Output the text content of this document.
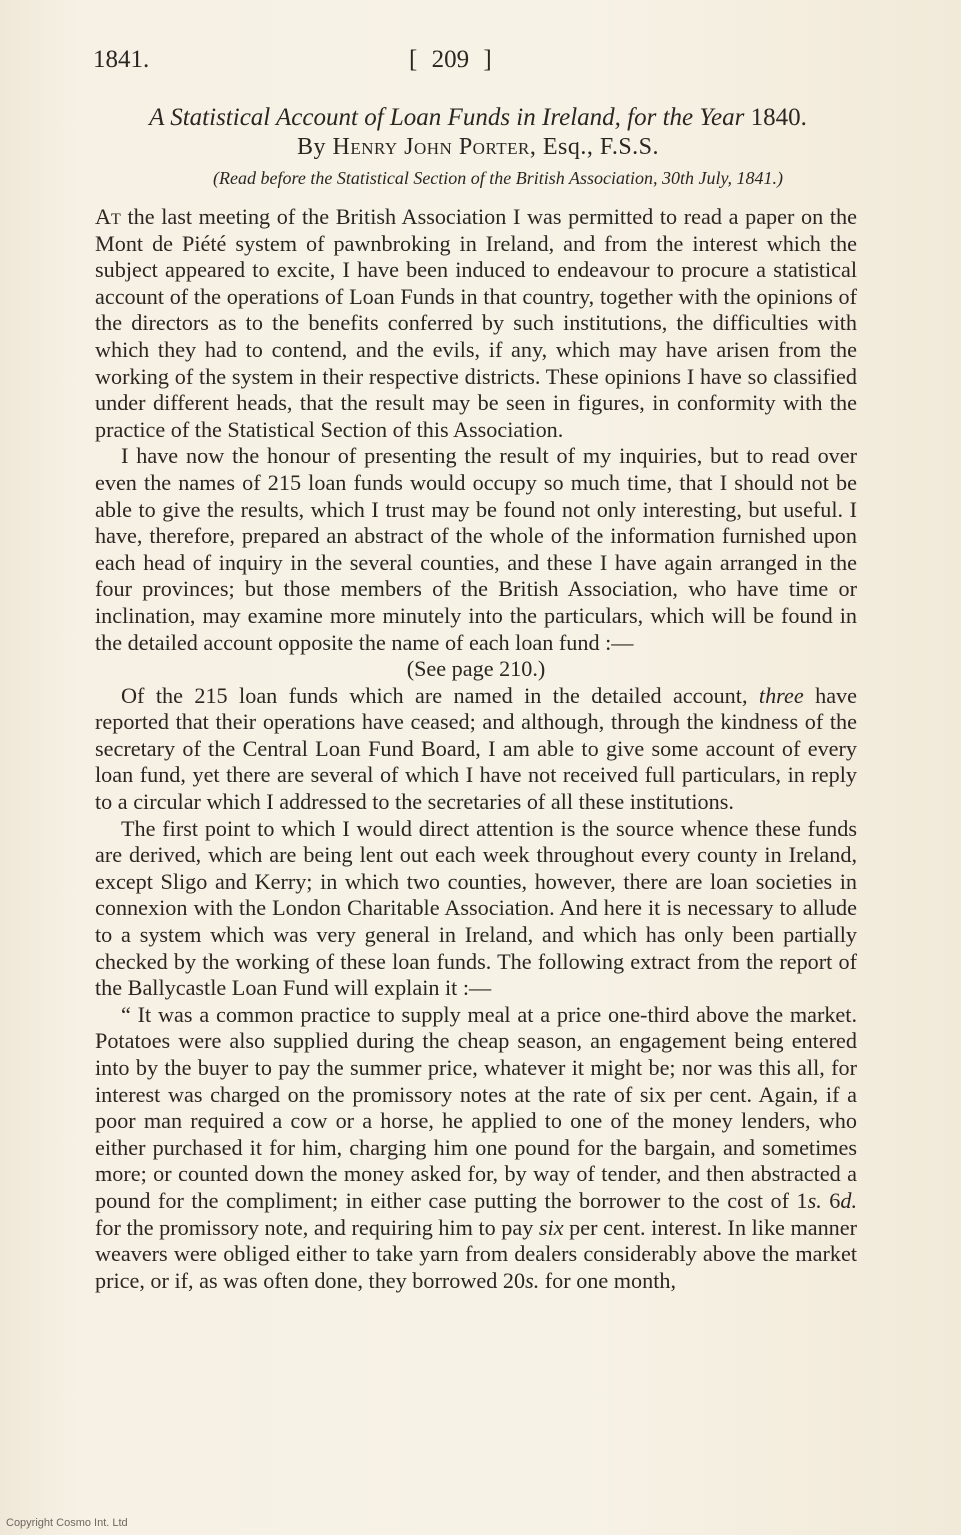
1841.	[ 209 ]
A Statistical Account of Loan Funds in Ireland, for the Year 1840.
By Henry John Porter, Esq., F.S.S.
(Read before the Statistical Section of the British Association, 30th July, 1841.)

At the last meeting of the British Association I was permitted to read a paper on the Mont de Piété system of pawnbroking in Ireland, and from the interest which the subject appeared to excite, I have been induced to endeavour to procure a statistical account of the operations of Loan Funds in that country, together with the opinions of the directors as to the benefits conferred by such institutions, the difficulties with which they had to contend, and the evils, if any, which may have arisen from the working of the system in their respective districts. These opinions I have so classified under different heads, that the result may be seen in figures, in conformity with the practice of the Statistical Section of this Association.

I have now the honour of presenting the result of my inquiries, but to read over even the names of 215 loan funds would occupy so much time, that I should not be able to give the results, which I trust may be found not only interesting, but useful. I have, therefore, prepared an abstract of the whole of the information furnished upon each head of inquiry in the several counties, and these I have again arranged in the four provinces; but those members of the British Association, who have time or inclination, may examine more minutely into the particulars, which will be found in the detailed account opposite the name of each loan fund :—

(See page 210.)

Of the 215 loan funds which are named in the detailed account, three have reported that their operations have ceased; and although, through the kindness of the secretary of the Central Loan Fund Board, I am able to give some account of every loan fund, yet there are several of which I have not received full particulars, in reply to a circular which I addressed to the secretaries of all these institutions.

The first point to which I would direct attention is the source whence these funds are derived, which are being lent out each week throughout every county in Ireland, except Sligo and Kerry; in which two counties, however, there are loan societies in connexion with the London Charitable Association. And here it is necessary to allude to a system which was very general in Ireland, and which has only been partially checked by the working of these loan funds. The following extract from the report of the Ballycastle Loan Fund will explain it :—

“ It was a common practice to supply meal at a price one-third above the market. Potatoes were also supplied during the cheap season, an engagement being entered into by the buyer to pay the summer price, whatever it might be; nor was this all, for interest was charged on the promissory notes at the rate of six per cent. Again, if a poor man required a cow or a horse, he applied to one of the money lenders, who either purchased it for him, charging him one pound for the bargain, and sometimes more; or counted down the money asked for, by way of tender, and then abstracted a pound for the compliment; in either case putting the borrower to the cost of 1s. 6d. for the promissory note, and requiring him to pay six per cent. interest. In like manner weavers were obliged either to take yarn from dealers considerably above the market price, or if, as was often done, they borrowed 20s. for one month,

Copyright Cosmo Int. Ltd
